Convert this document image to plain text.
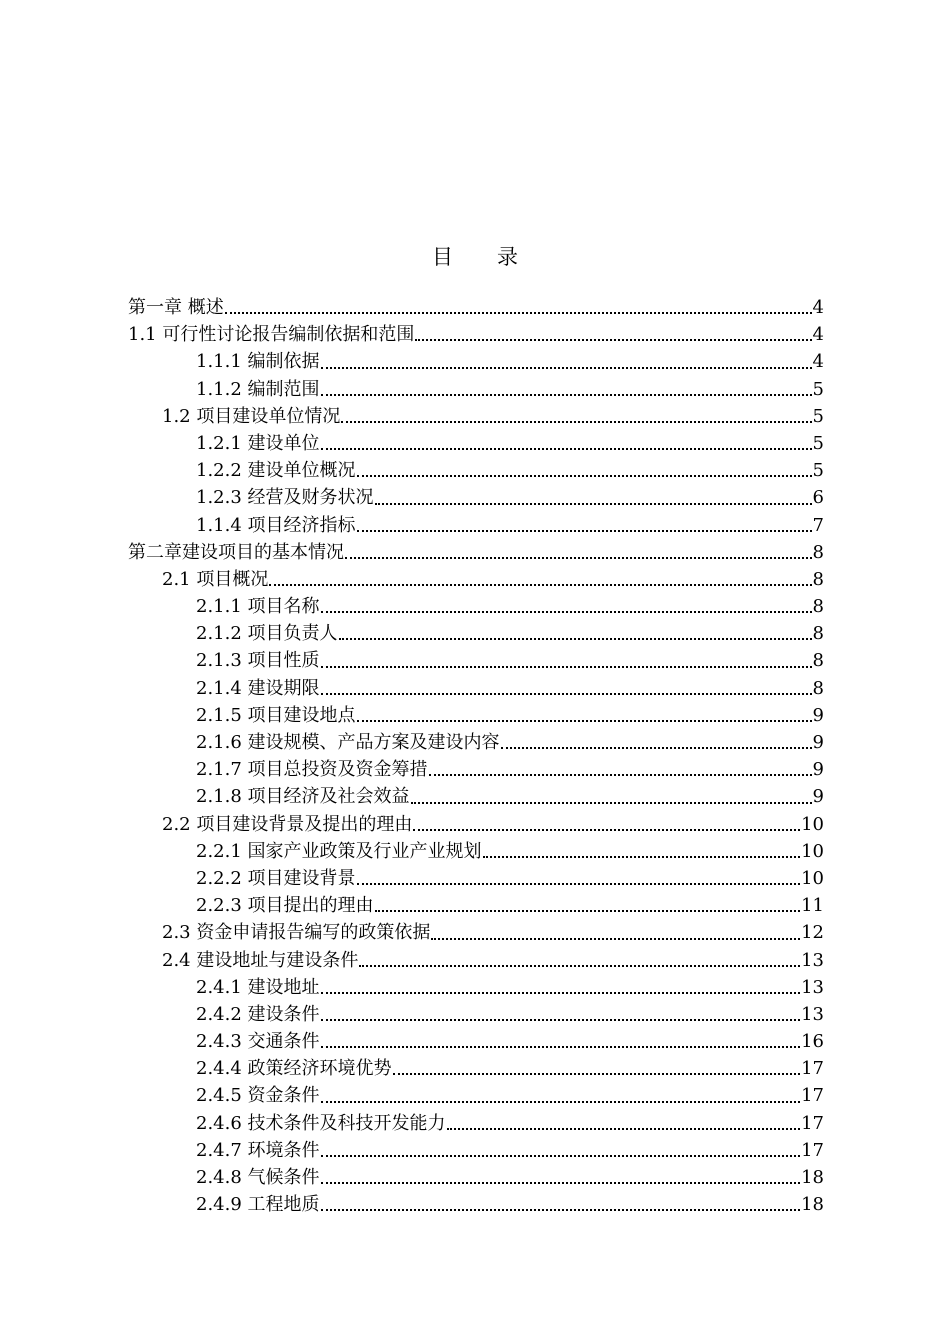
目 录
第一章 概述	4
1.1 可行性讨论报告编制依据和范围	4
1.1.1 编制依据	4
1.1.2 编制范围	5
1.2 项目建设单位情况	5
1.2.1 建设单位	5
1.2.2 建设单位概况	5
1.2.3 经营及财务状况	6
1.1.4 项目经济指标	7
第二章建设项目的基本情况	8
2.1 项目概况	8
2.1.1 项目名称	8
2.1.2 项目负责人	8
2.1.3 项目性质	8
2.1.4 建设期限	8
2.1.5 项目建设地点	9
2.1.6 建设规模、产品方案及建设内容	9
2.1.7 项目总投资及资金筹措	9
2.1.8 项目经济及社会效益	9
2.2 项目建设背景及提出的理由	10
2.2.1 国家产业政策及行业产业规划	10
2.2.2 项目建设背景	10
2.2.3 项目提出的理由	11
2.3 资金申请报告编写的政策依据	12
2.4 建设地址与建设条件	13
2.4.1 建设地址	13
2.4.2 建设条件	13
2.4.3 交通条件	16
2.4.4 政策经济环境优势	17
2.4.5 资金条件	17
2.4.6 技术条件及科技开发能力	17
2.4.7 环境条件	17
2.4.8 气候条件	18
2.4.9 工程地质	18
